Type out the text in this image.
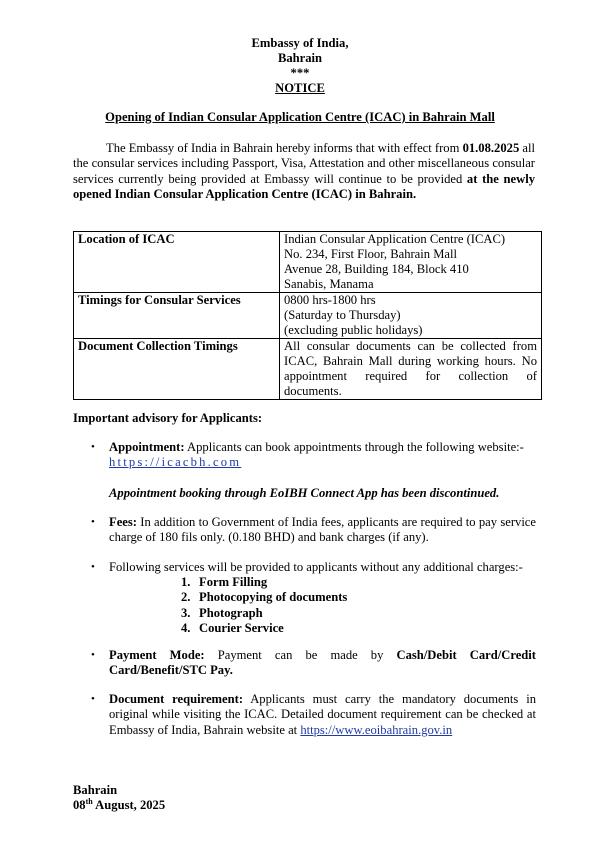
Embassy of India,
Bahrain
***
NOTICE
Opening of Indian Consular Application Centre (ICAC) in Bahrain Mall
The Embassy of India in Bahrain hereby informs that with effect from 01.08.2025 all the consular services including Passport, Visa, Attestation and other miscellaneous consular services currently being provided at Embassy will continue to be provided at the newly opened Indian Consular Application Centre (ICAC) in Bahrain.
Location of ICAC	Indian Consular Application Centre (ICAC)
No. 234, First Floor, Bahrain Mall
Avenue 28, Building 184, Block 410
Sanabis, Manama

Timings for Consular Services	0800 hrs-1800 hrs
(Saturday to Thursday)
(excluding public holidays)

Document Collection Timings	All consular documents can be collected from ICAC, Bahrain Mall during working hours. No appointment required for collection of documents.
Important advisory for Applicants:
• Appointment: Applicants can book appointments through the following website:- https://icacbh.com
Appointment booking through EoIBH Connect App has been discontinued.
• Fees: In addition to Government of India fees, applicants are required to pay service charge of 180 fils only. (0.180 BHD) and bank charges (if any).
• Following services will be provided to applicants without any additional charges:-
1. Form Filling
2. Photocopying of documents
3. Photograph
4. Courier Service
• Payment Mode: Payment can be made by Cash/Debit Card/Credit Card/Benefit/STC Pay.
• Document requirement: Applicants must carry the mandatory documents in original while visiting the ICAC. Detailed document requirement can be checked at Embassy of India, Bahrain website at https://www.eoibahrain.gov.in
Bahrain
08th August, 2025
